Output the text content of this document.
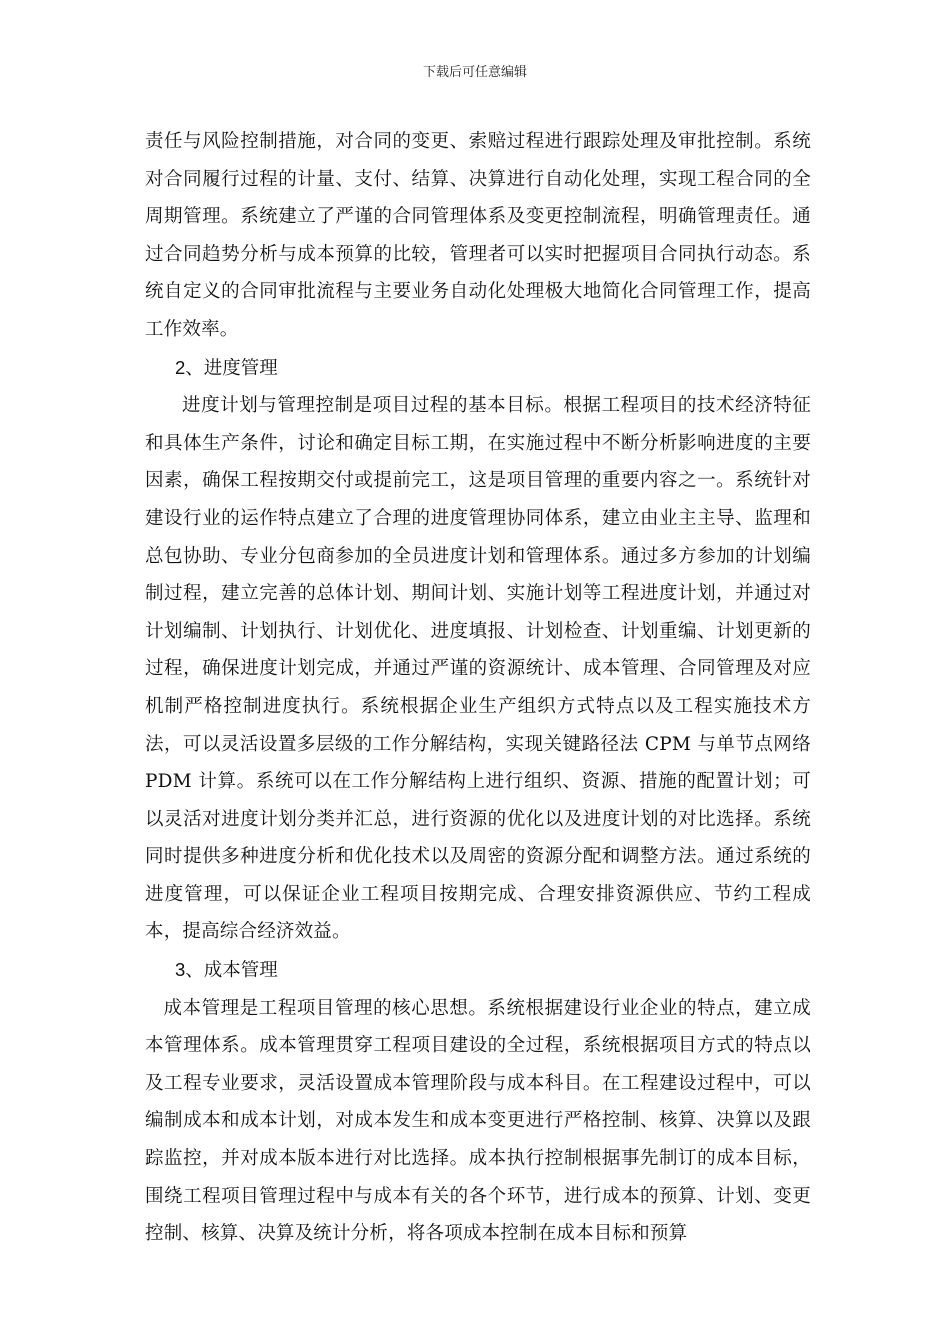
下载后可任意编辑

责任与风险控制措施，对合同的变更、索赔过程进行跟踪处理及审批控制。系统对合同履行过程的计量、支付、结算、决算进行自动化处理，实现工程合同的全周期管理。系统建立了严谨的合同管理体系及变更控制流程，明确管理责任。通过合同趋势分析与成本预算的比较，管理者可以实时把握项目合同执行动态。系统自定义的合同审批流程与主要业务自动化处理极大地简化合同管理工作，提高工作效率。

2、进度管理

进度计划与管理控制是项目过程的基本目标。根据工程项目的技术经济特征和具体生产条件，讨论和确定目标工期，在实施过程中不断分析影响进度的主要因素，确保工程按期交付或提前完工，这是项目管理的重要内容之一。系统针对建设行业的运作特点建立了合理的进度管理协同体系，建立由业主主导、监理和总包协助、专业分包商参加的全员进度计划和管理体系。通过多方参加的计划编制过程，建立完善的总体计划、期间计划、实施计划等工程进度计划，并通过对计划编制、计划执行、计划优化、进度填报、计划检查、计划重编、计划更新的过程，确保进度计划完成，并通过严谨的资源统计、成本管理、合同管理及对应机制严格控制进度执行。系统根据企业生产组织方式特点以及工程实施技术方法，可以灵活设置多层级的工作分解结构，实现关键路径法 CPM 与单节点网络 PDM 计算。系统可以在工作分解结构上进行组织、资源、措施的配置计划；可以灵活对进度计划分类并汇总，进行资源的优化以及进度计划的对比选择。系统同时提供多种进度分析和优化技术以及周密的资源分配和调整方法。通过系统的进度管理，可以保证企业工程项目按期完成、合理安排资源供应、节约工程成本，提高综合经济效益。

3、成本管理

成本管理是工程项目管理的核心思想。系统根据建设行业企业的特点，建立成本管理体系。成本管理贯穿工程项目建设的全过程，系统根据项目方式的特点以及工程专业要求，灵活设置成本管理阶段与成本科目。在工程建设过程中，可以编制成本和成本计划，对成本发生和成本变更进行严格控制、核算、决算以及跟踪监控，并对成本版本进行对比选择。成本执行控制根据事先制订的成本目标，围绕工程项目管理过程中与成本有关的各个环节，进行成本的预算、计划、变更控制、核算、决算及统计分析，将各项成本控制在成本目标和预算
